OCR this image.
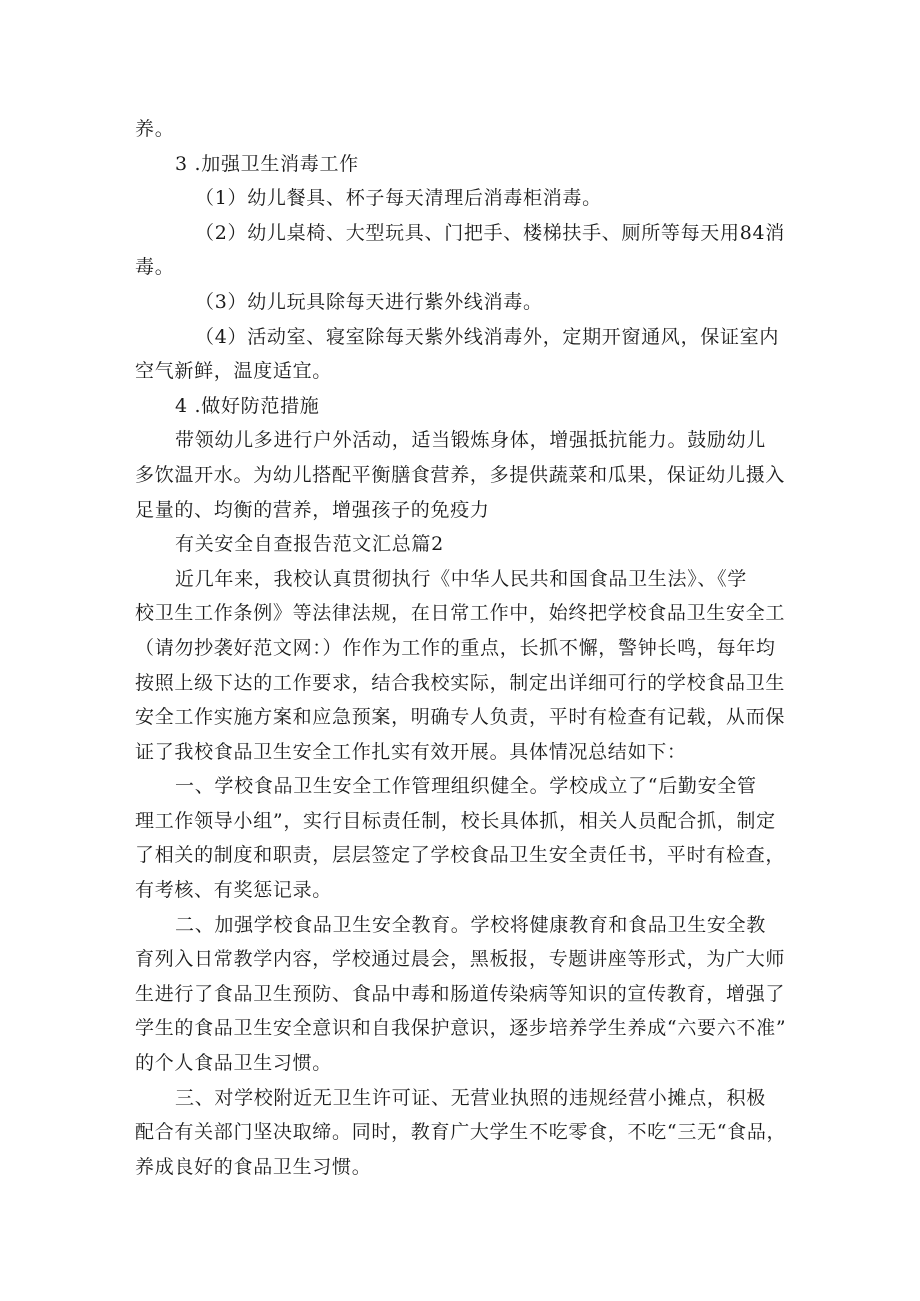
养。
3 .加强卫生消毒工作
（1）幼儿餐具、杯子每天清理后消毒柜消毒。
（2）幼儿桌椅、大型玩具、门把手、楼梯扶手、厕所等每天用84消
毒。
（3）幼儿玩具除每天进行紫外线消毒。
（4）活动室、寝室除每天紫外线消毒外，定期开窗通风，保证室内
空气新鲜，温度适宜。
4 .做好防范措施
带领幼儿多进行户外活动，适当锻炼身体，增强抵抗能力。鼓励幼儿
多饮温开水。为幼儿搭配平衡膳食营养，多提供蔬菜和瓜果，保证幼儿摄入
足量的、均衡的营养，增强孩子的免疫力
有关安全自查报告范文汇总篇2
近几年来，我校认真贯彻执行《中华人民共和国食品卫生法》、《学
校卫生工作条例》等法律法规，在日常工作中，始终把学校食品卫生安全工
（请勿抄袭好范文网：）作作为工作的重点，长抓不懈，警钟长鸣，每年均
按照上级下达的工作要求，结合我校实际，制定出详细可行的学校食品卫生
安全工作实施方案和应急预案，明确专人负责，平时有检查有记载，从而保
证了我校食品卫生安全工作扎实有效开展。具体情况总结如下：
一、学校食品卫生安全工作管理组织健全。学校成立了“后勤安全管
理工作领导小组”，实行目标责任制，校长具体抓，相关人员配合抓，制定
了相关的制度和职责，层层签定了学校食品卫生安全责任书，平时有检查，
有考核、有奖惩记录。
二、加强学校食品卫生安全教育。学校将健康教育和食品卫生安全教
育列入日常教学内容，学校通过晨会，黑板报，专题讲座等形式，为广大师
生进行了食品卫生预防、食品中毒和肠道传染病等知识的宣传教育，增强了
学生的食品卫生安全意识和自我保护意识，逐步培养学生养成“六要六不准”
的个人食品卫生习惯。
三、对学校附近无卫生许可证、无营业执照的违规经营小摊点，积极
配合有关部门坚决取缔。同时，教育广大学生不吃零食，不吃“三无“食品，
养成良好的食品卫生习惯。
